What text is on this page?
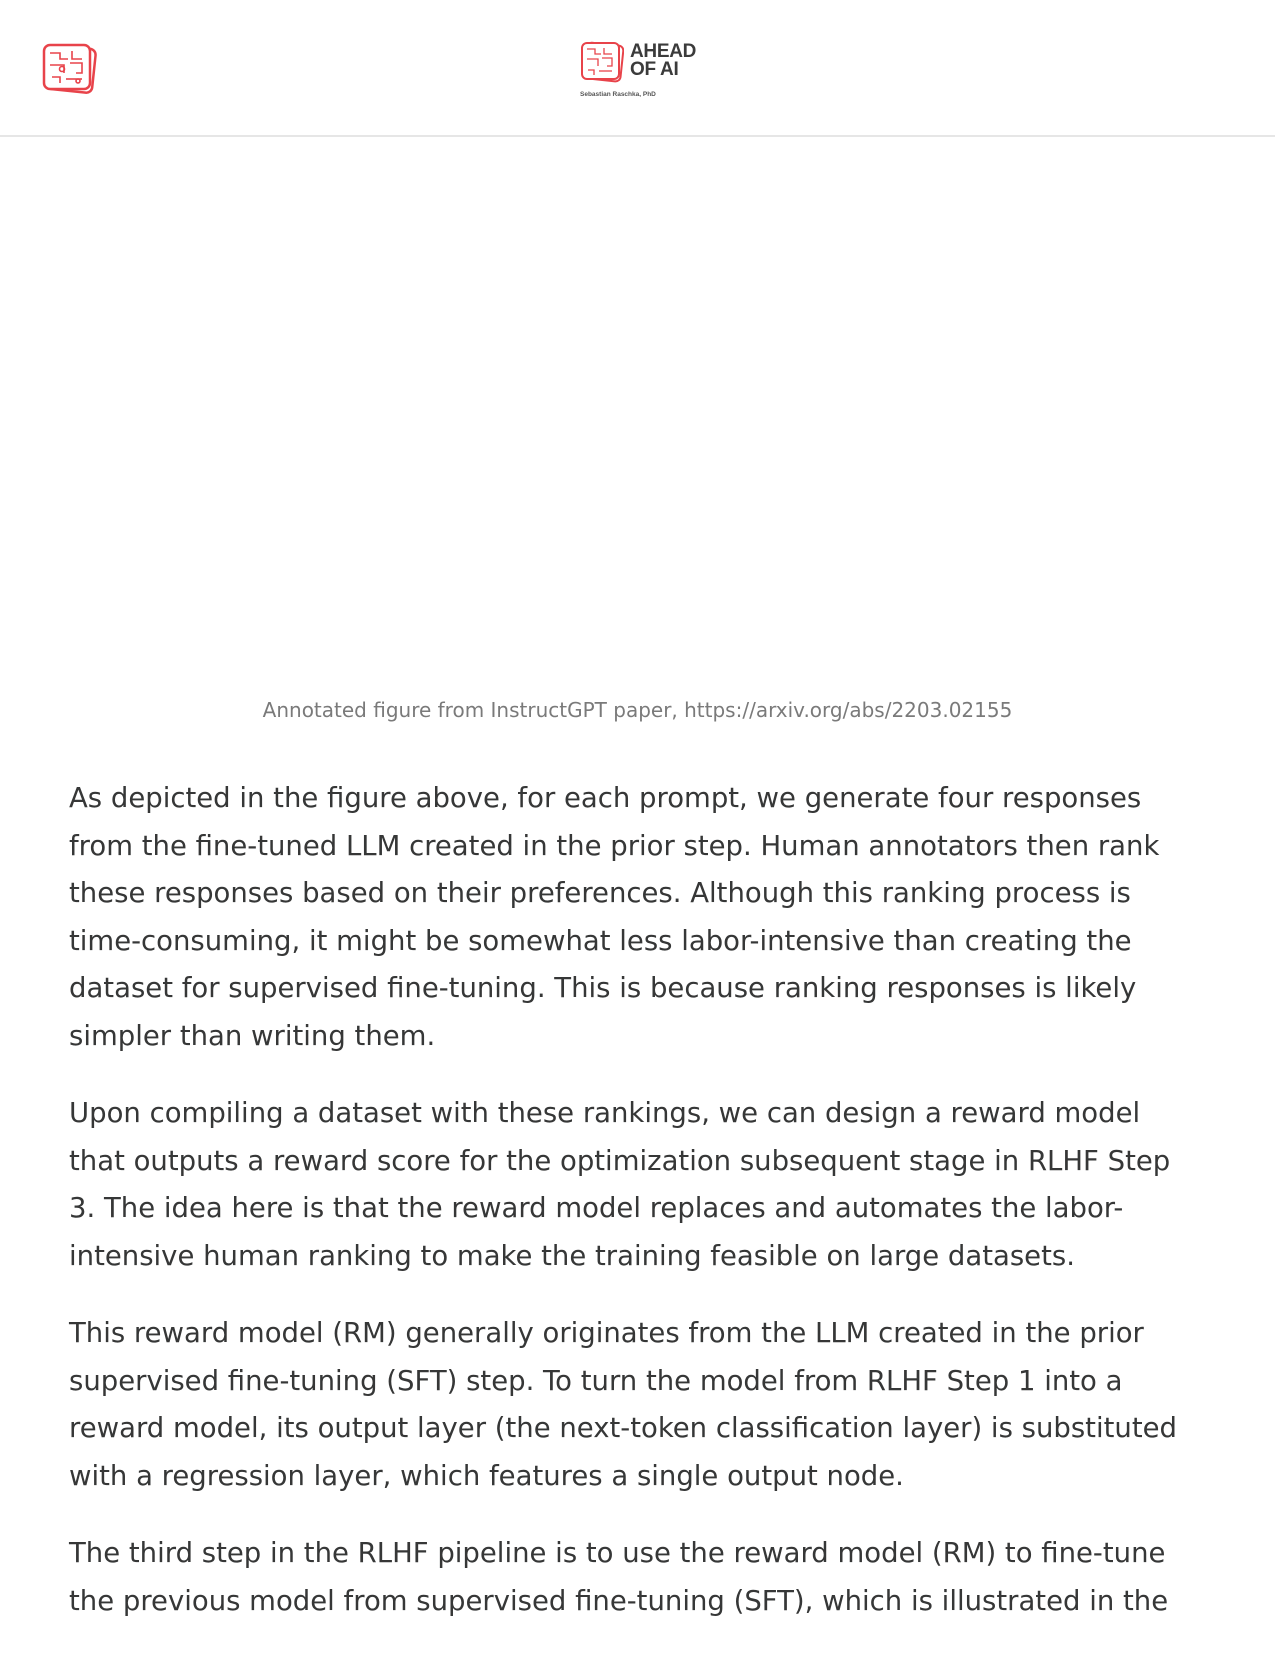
AHEAD
OF AI
Sebastian Raschka, PhD
Annotated figure from InstructGPT paper, https://arxiv.org/abs/2203.02155

As depicted in the figure above, for each prompt, we generate four responses from the fine-tuned LLM created in the prior step. Human annotators then rank these responses based on their preferences. Although this ranking process is time-consuming, it might be somewhat less labor-intensive than creating the dataset for supervised fine-tuning. This is because ranking responses is likely simpler than writing them.

Upon compiling a dataset with these rankings, we can design a reward model that outputs a reward score for the optimization subsequent stage in RLHF Step 3. The idea here is that the reward model replaces and automates the labor-intensive human ranking to make the training feasible on large datasets.

This reward model (RM) generally originates from the LLM created in the prior supervised fine-tuning (SFT) step. To turn the model from RLHF Step 1 into a reward model, its output layer (the next-token classification layer) is substituted with a regression layer, which features a single output node.

The third step in the RLHF pipeline is to use the reward model (RM) to fine-tune the previous model from supervised fine-tuning (SFT), which is illustrated in the
